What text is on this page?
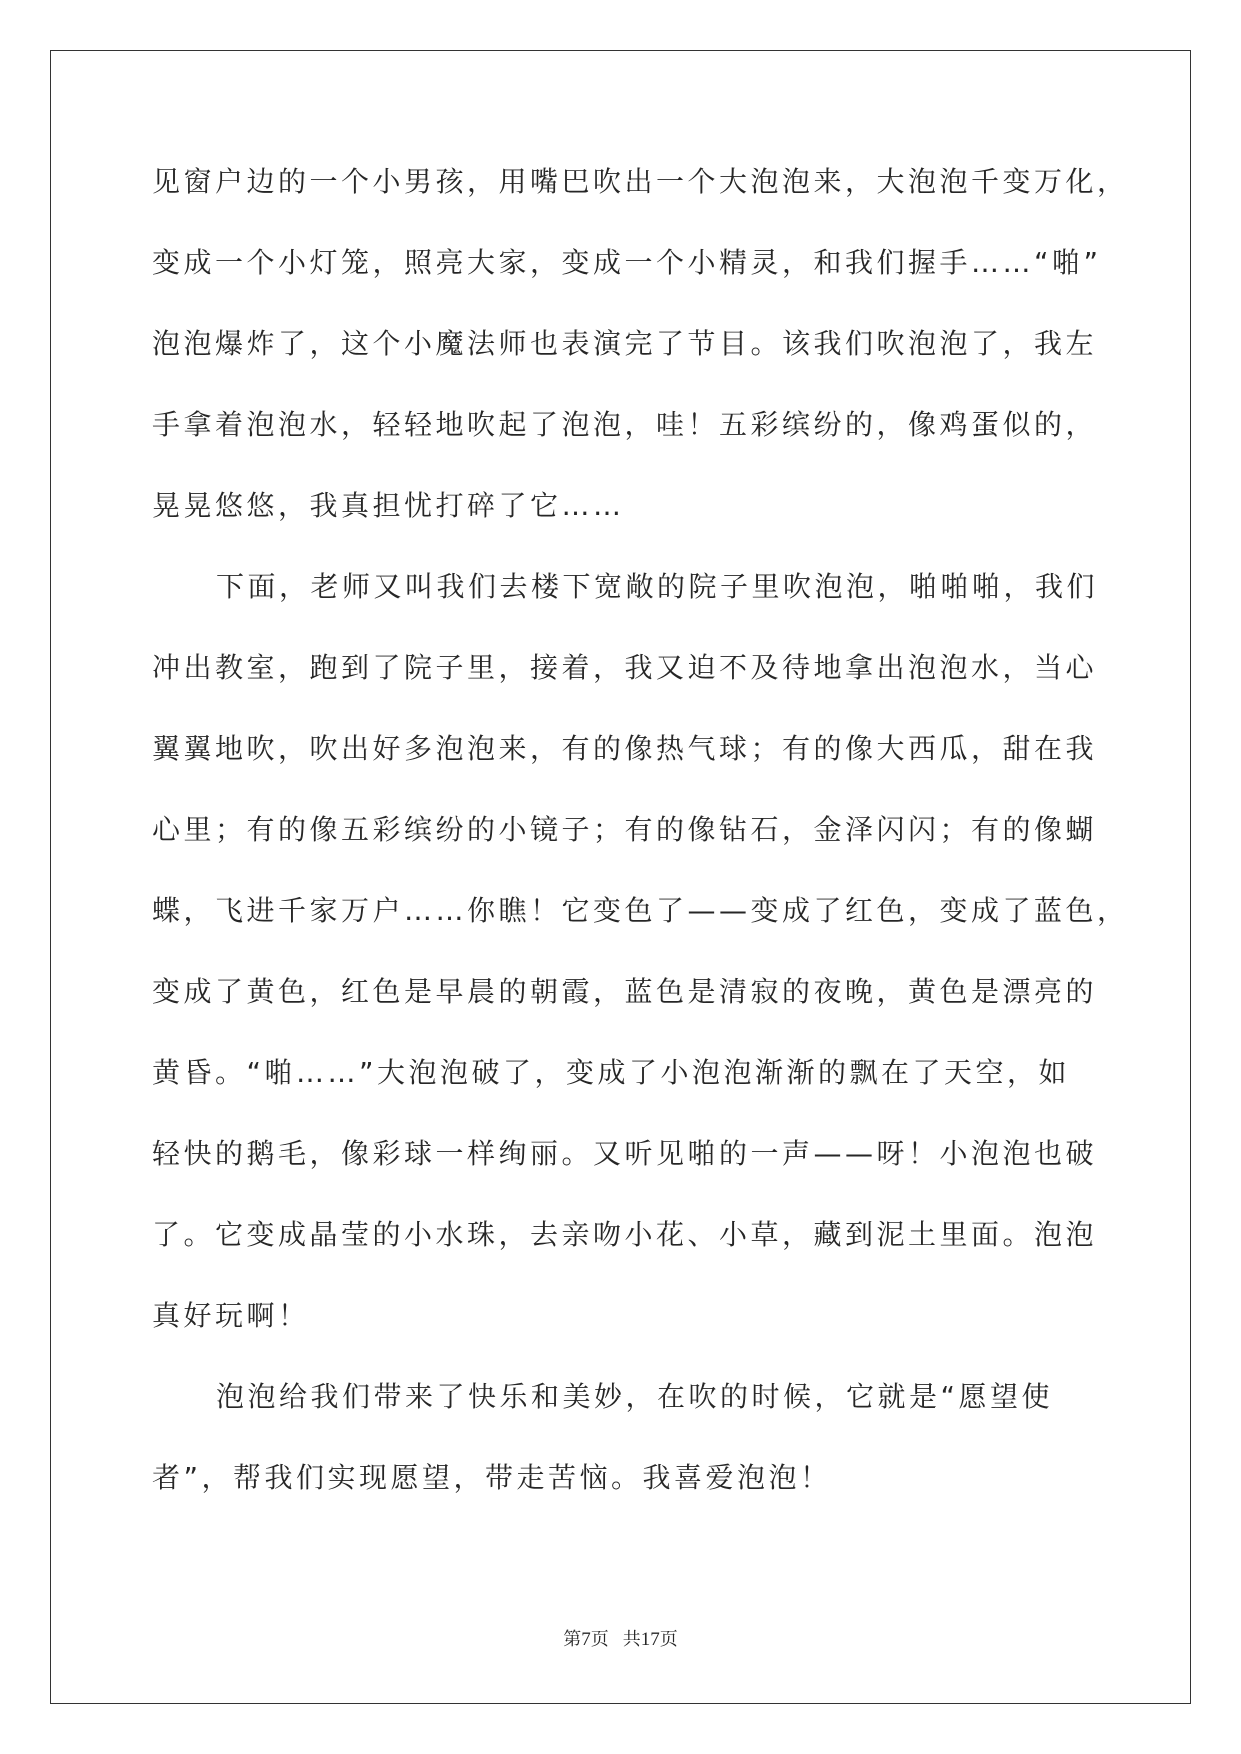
见窗户边的一个小男孩，用嘴巴吹出一个大泡泡来，大泡泡千变万化，
变成一个小灯笼，照亮大家，变成一个小精灵，和我们握手……“啪”
泡泡爆炸了，这个小魔法师也表演完了节目。该我们吹泡泡了，我左
手拿着泡泡水，轻轻地吹起了泡泡，哇！五彩缤纷的，像鸡蛋似的，
晃晃悠悠，我真担忧打碎了它……
下面，老师又叫我们去楼下宽敞的院子里吹泡泡，啪啪啪，我们
冲出教室，跑到了院子里，接着，我又迫不及待地拿出泡泡水，当心
翼翼地吹，吹出好多泡泡来，有的像热气球；有的像大西瓜，甜在我
心里；有的像五彩缤纷的小镜子；有的像钻石，金泽闪闪；有的像蝴
蝶，飞进千家万户……你瞧！它变色了——变成了红色，变成了蓝色，
变成了黄色，红色是早晨的朝霞，蓝色是清寂的夜晚，黄色是漂亮的
黄昏。“啪……”大泡泡破了，变成了小泡泡渐渐的飘在了天空，如
轻快的鹅毛，像彩球一样绚丽。又听见啪的一声——呀！小泡泡也破
了。它变成晶莹的小水珠，去亲吻小花、小草，藏到泥土里面。泡泡
真好玩啊！
泡泡给我们带来了快乐和美妙，在吹的时候，它就是“愿望使
者”，帮我们实现愿望，带走苦恼。我喜爱泡泡！
第7页 共17页
